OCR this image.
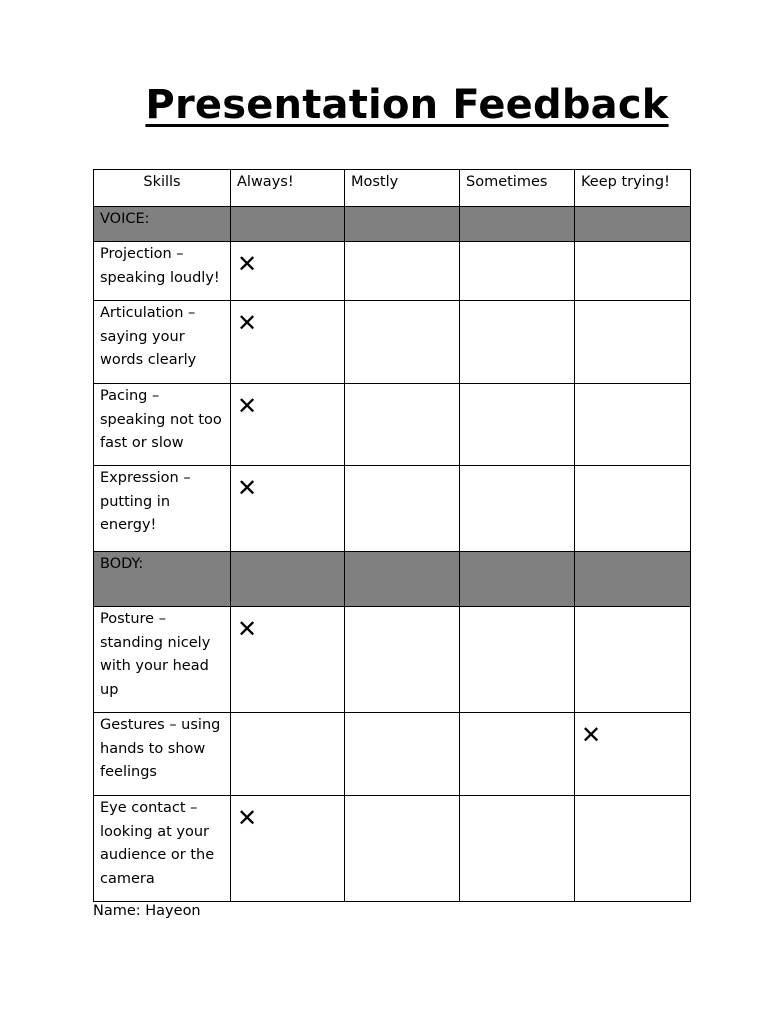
Presentation Feedback
Skills	Always!	Mostly	Sometimes	Keep trying!
VOICE:				
Projection – speaking loudly!	✕			
Articulation – saying your words clearly	✕			
Pacing – speaking not too fast or slow	✕			
Expression – putting in energy!	✕			
BODY:				
Posture – standing nicely with your head up	✕			
Gestures – using hands to show feelings				✕
Eye contact – looking at your audience or the camera	✕			
Name: Hayeon
